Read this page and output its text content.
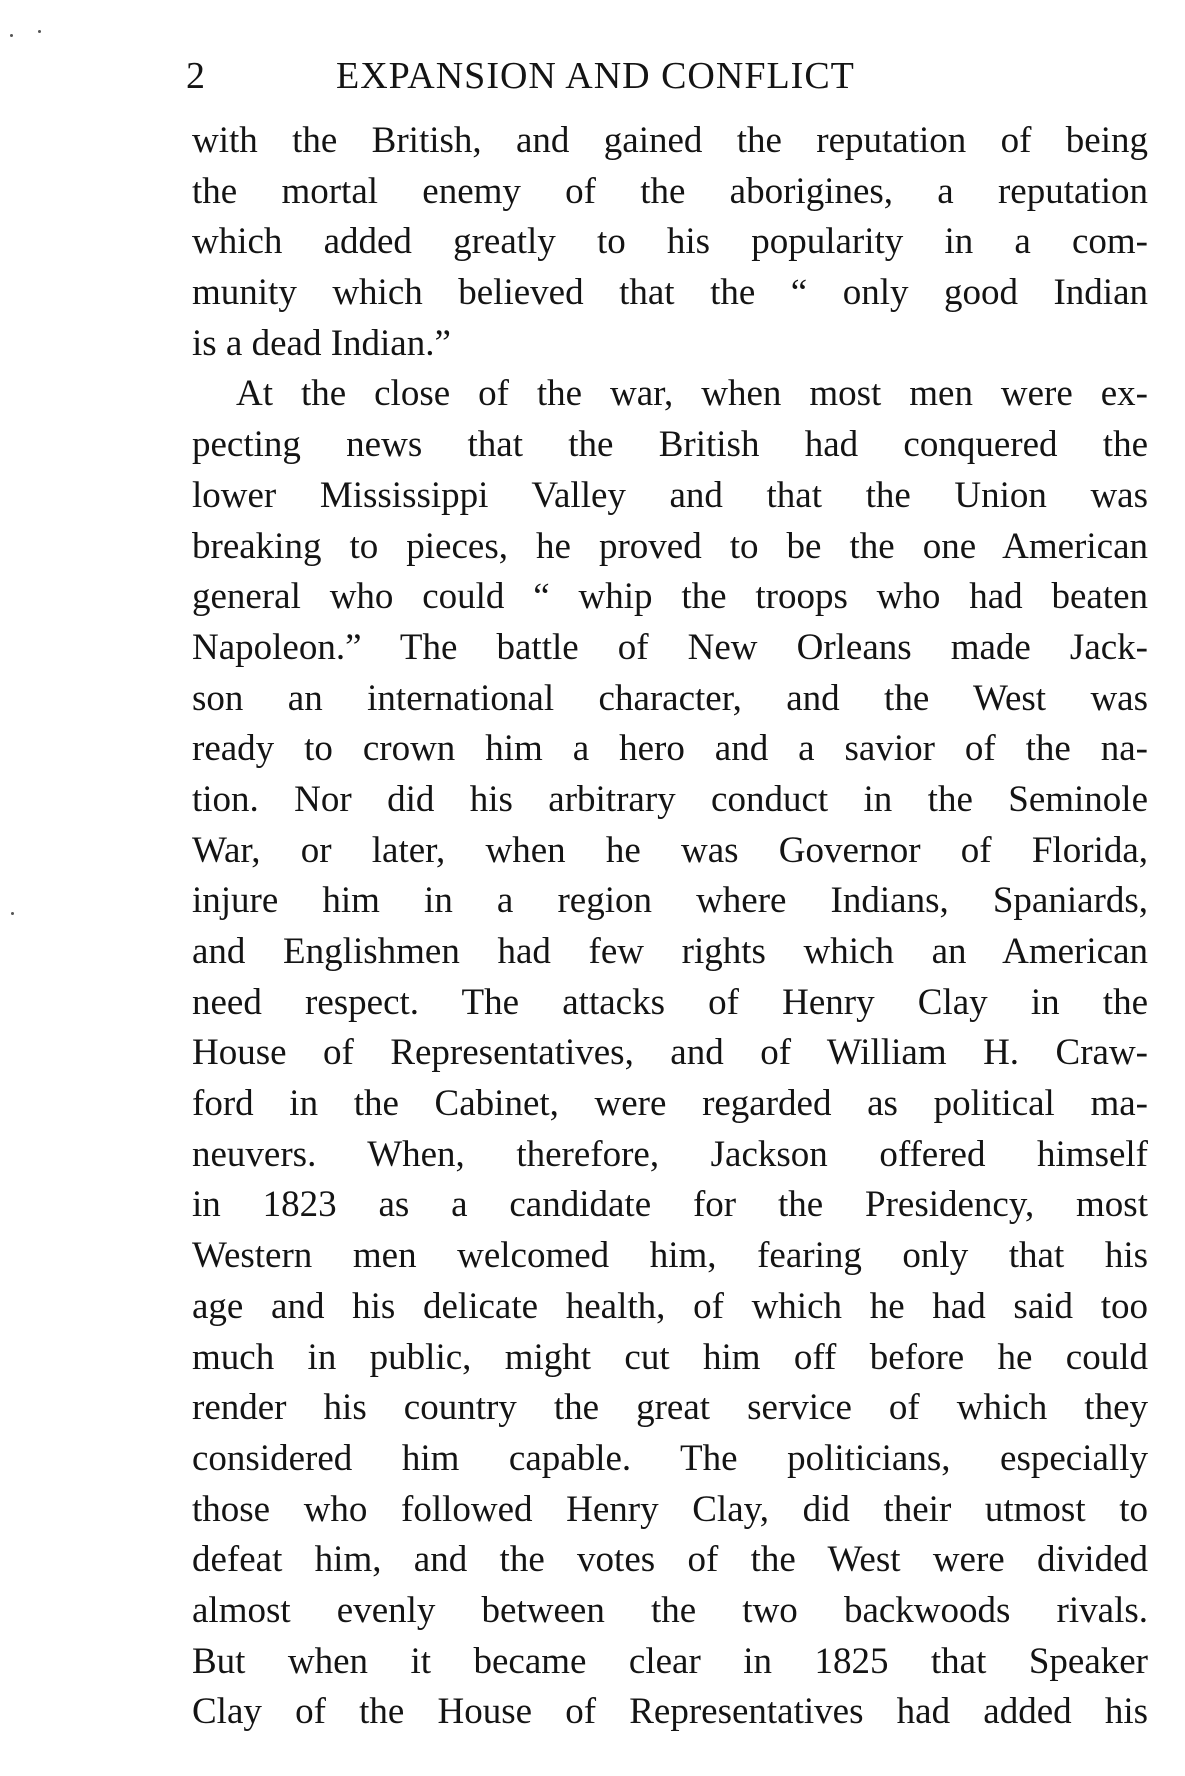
2	EXPANSION AND CONFLICT
with the British, and gained the reputation of being
the mortal enemy of the aborigines, a reputation
which added greatly to his popularity in a com-
munity which believed that the “ only good Indian
is a dead Indian.”
At the close of the war, when most men were ex-
pecting news that the British had conquered the
lower Mississippi Valley and that the Union was
breaking to pieces, he proved to be the one American
general who could “ whip the troops who had beaten
Napoleon.” The battle of New Orleans made Jack-
son an international character, and the West was
ready to crown him a hero and a savior of the na-
tion. Nor did his arbitrary conduct in the Seminole
War, or later, when he was Governor of Florida,
injure him in a region where Indians, Spaniards,
and Englishmen had few rights which an American
need respect. The attacks of Henry Clay in the
House of Representatives, and of William H. Craw-
ford in the Cabinet, were regarded as political ma-
neuvers. When, therefore, Jackson offered himself
in 1823 as a candidate for the Presidency, most
Western men welcomed him, fearing only that his
age and his delicate health, of which he had said too
much in public, might cut him off before he could
render his country the great service of which they
considered him capable. The politicians, especially
those who followed Henry Clay, did their utmost to
defeat him, and the votes of the West were divided
almost evenly between the two backwoods rivals.
But when it became clear in 1825 that Speaker
Clay of the House of Representatives had added his
